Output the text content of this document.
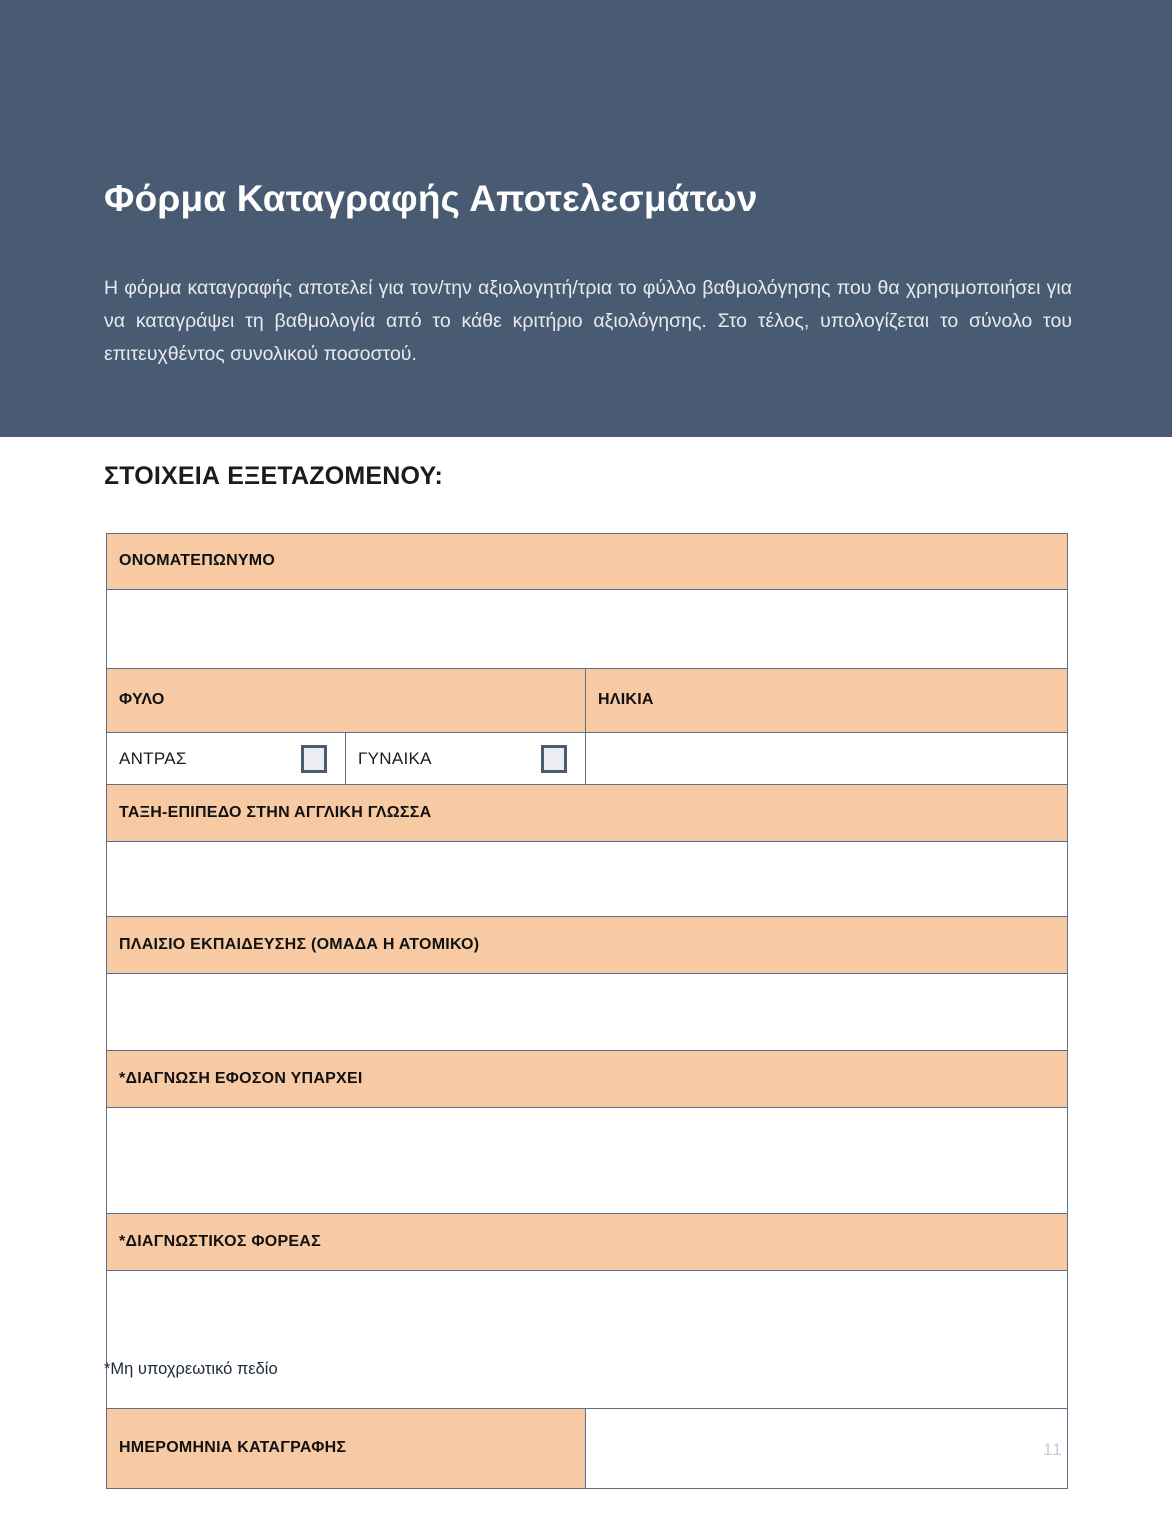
Φόρμα Καταγραφής Αποτελεσμάτων
Η φόρμα καταγραφής αποτελεί για τον/την αξιολογητή/τρια το φύλλο βαθμολόγησης που θα χρησιμοποιήσει για να καταγράψει τη βαθμολογία από το κάθε κριτήριο αξιολόγησης. Στο τέλος, υπολογίζεται το σύνολο του επιτευχθέντος συνολικού ποσοστού.
ΣΤΟΙΧΕΙΑ ΕΞΕΤΑΖΟΜΕΝΟΥ:
ΟΝΟΜΑΤΕΠΩΝΥΜΟ		

ΦΥΛΟ		ΗΛΙΚΙΑ

ΑΝΤΡΑΣ	ΓΥΝΑΙΚΑ	

ΤΑΞΗ-ΕΠΙΠΕΔΟ ΣΤΗΝ ΑΓΓΛΙΚΗ ΓΛΩΣΣΑ		

ΠΛΑΙΣΙΟ ΕΚΠΑΙΔΕΥΣΗΣ (ΟΜΑΔΑ Η ΑΤΟΜΙΚΟ)		

*ΔΙΑΓΝΩΣΗ ΕΦΟΣΟΝ ΥΠΑΡΧΕΙ		

*ΔΙΑΓΝΩΣΤΙΚΟΣ ΦΟΡΕΑΣ		

ΗΜΕΡΟΜΗΝΙΑ ΚΑΤΑΓΡΑΦΗΣ		
*Μη υποχρεωτικό πεδίο
11
